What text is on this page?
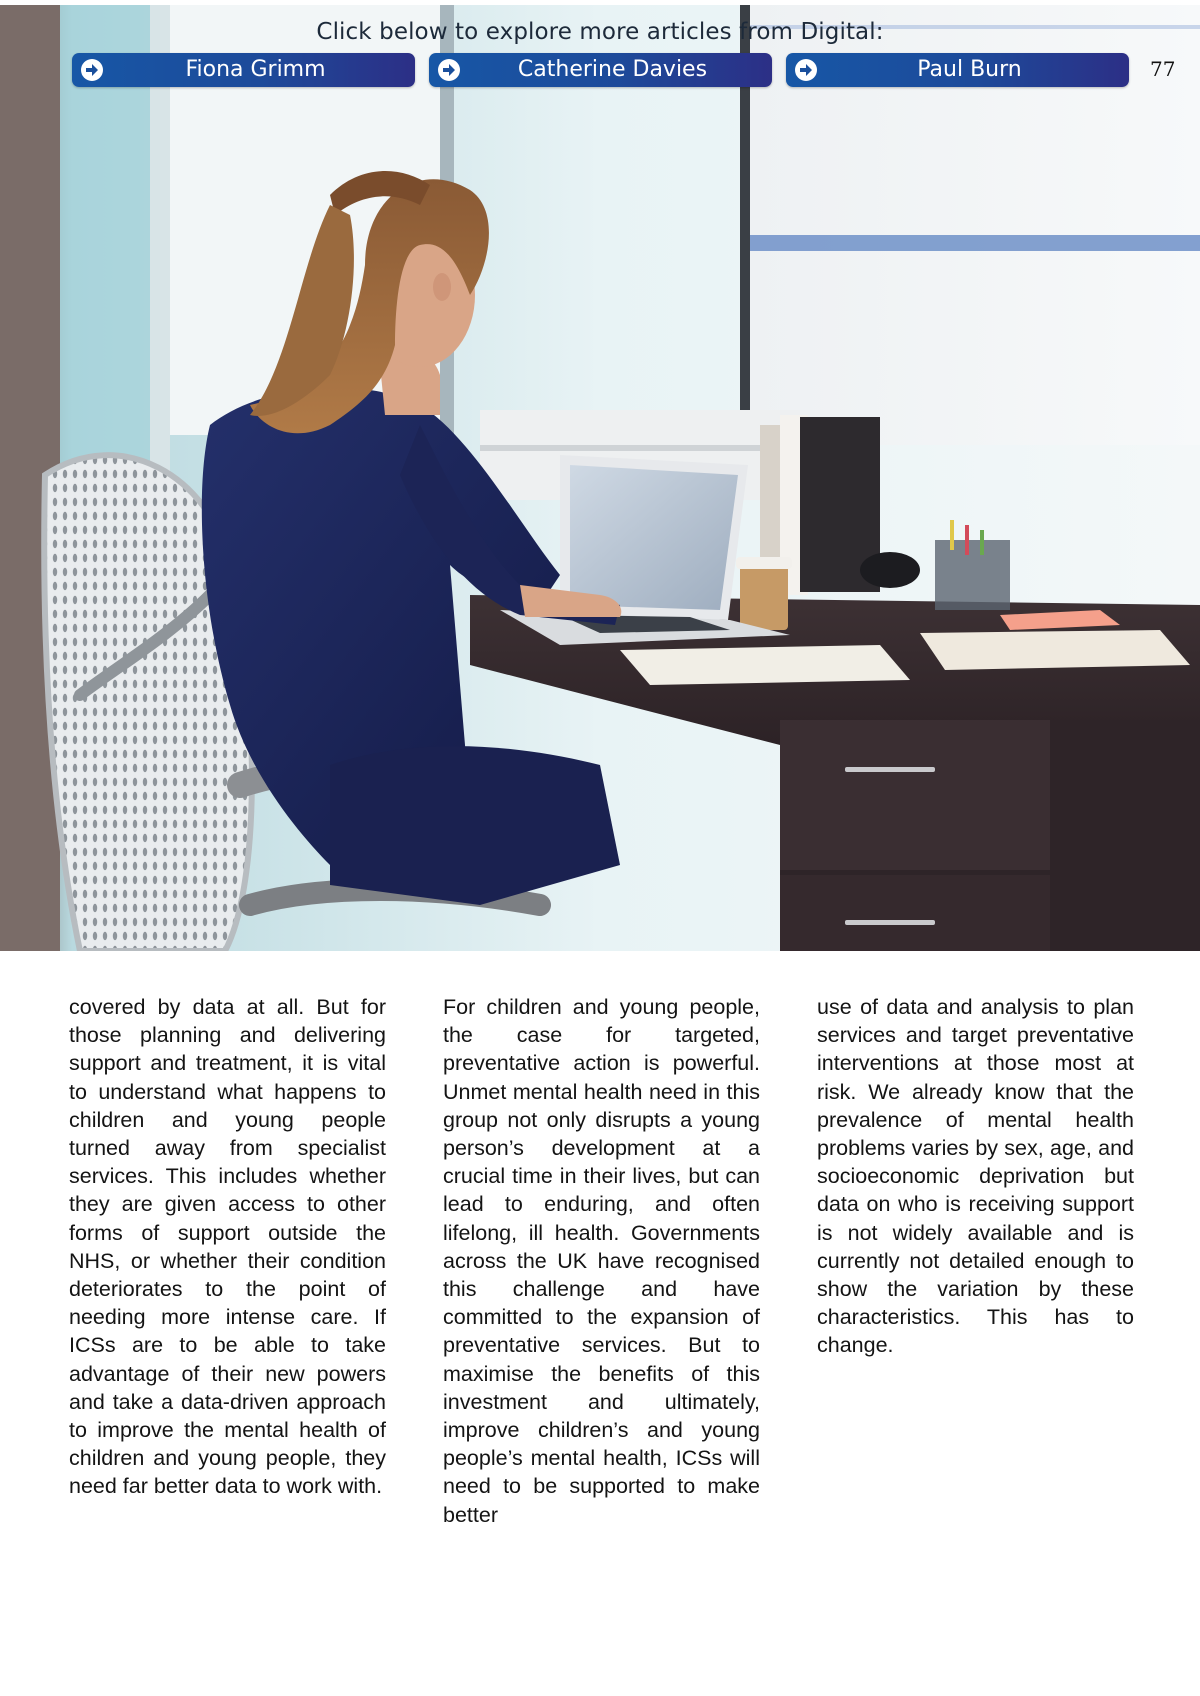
Click below to explore more articles from Digital:
Fiona Grimm	Catherine Davies	Paul Burn	77
covered by data at all. But for those planning and delivering support and treatment, it is vital to understand what happens to children and young people turned away from specialist services. This includes whether they are given access to other forms of support outside the NHS, or whether their condition deteriorates to the point of needing more intense care. If ICSs are to be able to take advantage of their new powers and take a data-driven approach to improve the mental health of children and young people, they need far better data to work with.
For children and young people, the case for targeted, preventative action is powerful. Unmet mental health need in this group not only disrupts a young person’s development at a crucial time in their lives, but can lead to enduring, and often lifelong, ill health. Governments across the UK have recognised this challenge and have committed to the expansion of preventative services. But to maximise the benefits of this investment and ultimately, improve children’s and young people’s mental health, ICSs will need to be supported to make better
use of data and analysis to plan services and target preventative interventions at those most at risk. We already know that the prevalence of mental health problems varies by sex, age, and socioeconomic deprivation but data on who is receiving support is not widely available and is currently not detailed enough to show the variation by these characteristics. This has to change.
